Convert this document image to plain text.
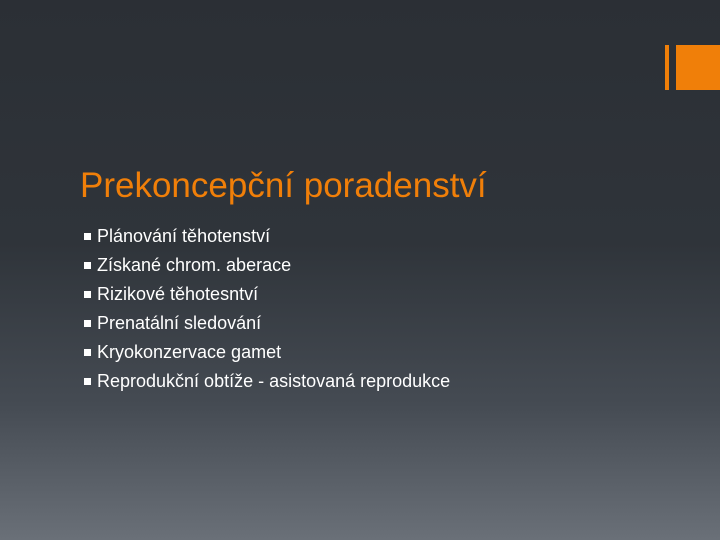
Prekoncepční poradenství
Plánování těhotenství
Získané chrom. aberace
Rizikové těhotesntví
Prenatální sledování
Kryokonzervace gamet
Reprodukční obtíže - asistovaná reprodukce
